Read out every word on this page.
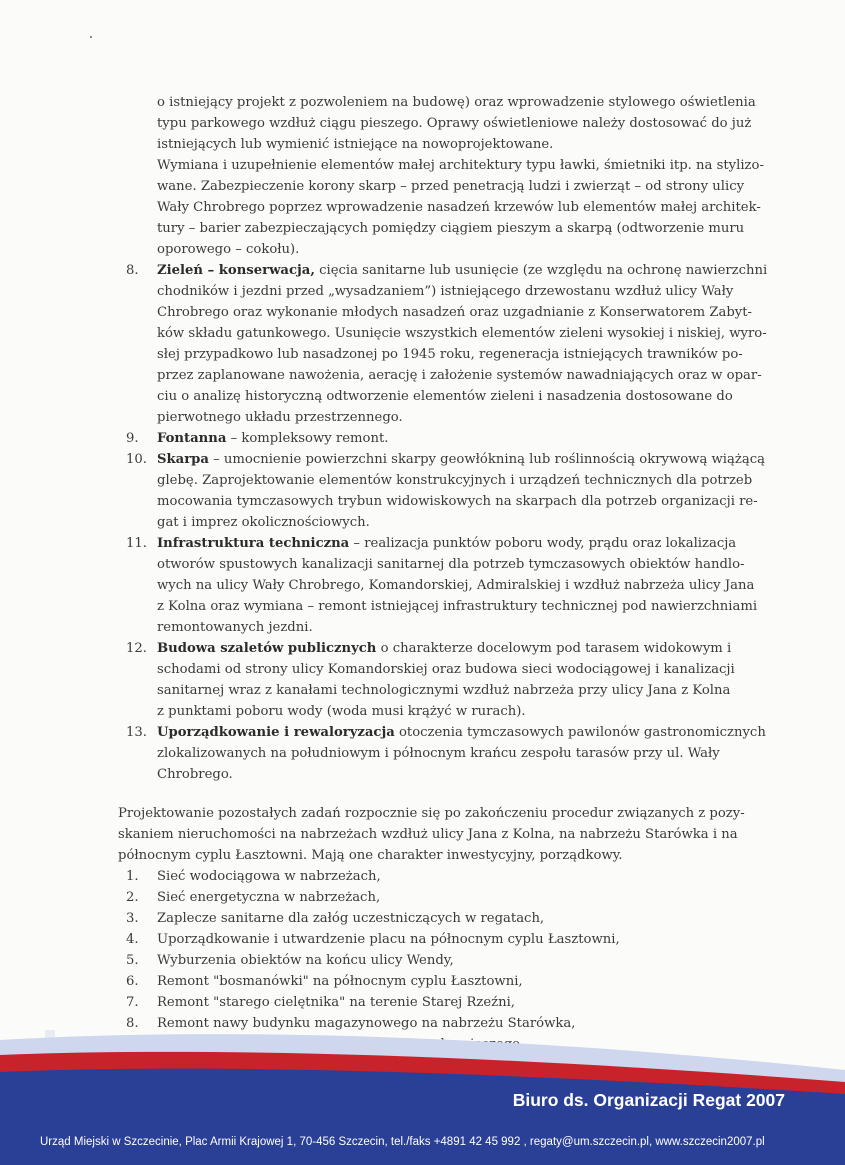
o istniejący projekt z pozwoleniem na budowę) oraz wprowadzenie stylowego oświetlenia
typu parkowego wzdłuż ciągu pieszego. Oprawy oświetleniowe należy dostosować do już
istniejących lub wymienić istniejące na nowoprojektowane.
Wymiana i uzupełnienie elementów małej architektury typu ławki, śmietniki itp. na stylizo-
wane. Zabezpieczenie korony skarp – przed penetracją ludzi i zwierząt – od strony ulicy
Wały Chrobrego poprzez wprowadzenie nasadzeń krzewów lub elementów małej architek-
tury – barier zabezpieczających pomiędzy ciągiem pieszym a skarpą (odtworzenie muru
oporowego – cokołu).
8.	Zieleń – konserwacja, cięcia sanitarne lub usunięcie (ze względu na ochronę nawierzchni
chodników i jezdni przed „wysadzaniem”) istniejącego drzewostanu wzdłuż ulicy Wały
Chrobrego oraz wykonanie młodych nasadzeń oraz uzgadnianie z Konserwatorem Zabyt-
ków składu gatunkowego. Usunięcie wszystkich elementów zieleni wysokiej i niskiej, wyro-
słej przypadkowo lub nasadzonej po 1945 roku, regeneracja istniejących trawników po-
przez zaplanowane nawożenia, aerację i założenie systemów nawadniających oraz w opar-
ciu o analizę historyczną odtworzenie elementów zieleni i nasadzenia dostosowane do
pierwotnego układu przestrzennego.
9.	Fontanna – kompleksowy remont.
10. Skarpa – umocnienie powierzchni skarpy geowłókniną lub roślinnością okrywową wiążącą
glebę. Zaprojektowanie elementów konstrukcyjnych i urządzeń technicznych dla potrzeb
mocowania tymczasowych trybun widowiskowych na skarpach dla potrzeb organizacji re-
gat i imprez okolicznościowych.
11. Infrastruktura techniczna – realizacja punktów poboru wody, prądu oraz lokalizacja
otworów spustowych kanalizacji sanitarnej dla potrzeb tymczasowych obiektów handlo-
wych na ulicy Wały Chrobrego, Komandorskiej, Admiralskiej i wzdłuż nabrzeża ulicy Jana
z Kolna oraz wymiana – remont istniejącej infrastruktury technicznej pod nawierzchniami
remontowanych jezdni.
12. Budowa szaletów publicznych o charakterze docelowym pod tarasem widokowym i
schodami od strony ulicy Komandorskiej oraz budowa sieci wodociągowej i kanalizacji
sanitarnej wraz z kanałami technologicznymi wzdłuż nabrzeża przy ulicy Jana z Kolna
z punktami poboru wody (woda musi krążyć w rurach).
13. Uporządkowanie i rewaloryzacja otoczenia tymczasowych pawilonów gastronomicznych
zlokalizowanych na południowym i północnym krańcu zespołu tarasów przy ul. Wały
Chrobrego.
Projektowanie pozostałych zadań rozpocznie się po zakończeniu procedur związanych z pozy-
skaniem nieruchomości na nabrzeżach wzdłuż ulicy Jana z Kolna, na nabrzeżu Starówka i na
północnym cyplu Łasztowni. Mają one charakter inwestycyjny, porządkowy.
1.	Sieć wodociągowa w nabrzeżach,
2.	Sieć energetyczna w nabrzeżach,
3.	Zaplecze sanitarne dla załóg uczestniczących w regatach,
4.	Uporządkowanie i utwardzenie placu na północnym cyplu Łasztowni,
5.	Wyburzenia obiektów na końcu ulicy Wendy,
6.	Remont "bosmanówki" na północnym cyplu Łasztowni,
7.	Remont "starego cielętnika" na terenie Starej Rzeźni,
8.	Remont nawy budynku magazynowego na nabrzeżu Starówka,
Biuro ds. Organizacji Regat 2007
Urząd Miejski w Szczecinie, Plac Armii Krajowej 1, 70-456 Szczecin, tel./faks +4891 42 45 992 , regaty@um.szczecin.pl, www.szczecin2007.pl
